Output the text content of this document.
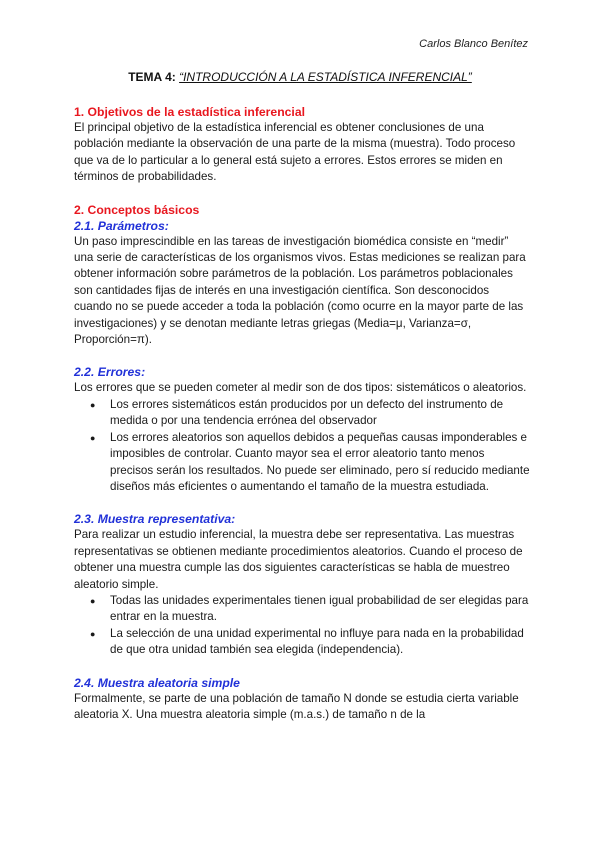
Carlos Blanco Benítez
TEMA 4: “INTRODUCCIÓN A LA ESTADÍSTICA INFERENCIAL”
1. Objetivos de la estadística inferencial

El principal objetivo de la estadística inferencial es obtener conclusiones de una población mediante la observación de una parte de la misma (muestra). Todo proceso que va de lo particular a lo general está sujeto a errores. Estos errores se miden en términos de probabilidades.

2. Conceptos básicos
2.1. Parámetros:

Un paso imprescindible en las tareas de investigación biomédica consiste en “medir” una serie de características de los organismos vivos. Estas mediciones se realizan para obtener información sobre parámetros de la población. Los parámetros poblacionales son cantidades fijas de interés en una investigación científica. Son desconocidos cuando no se puede acceder a toda la población (como ocurre en la mayor parte de las investigaciones) y se denotan mediante letras griegas (Media=μ, Varianza=σ, Proporción=π).

2.2. Errores:

Los errores que se pueden cometer al medir son de dos tipos: sistemáticos o aleatorios.

● Los errores sistemáticos están producidos por un defecto del instrumento de medida o por una tendencia errónea del observador
● Los errores aleatorios son aquellos debidos a pequeñas causas imponderables e imposibles de controlar. Cuanto mayor sea el error aleatorio tanto menos precisos serán los resultados. No puede ser eliminado, pero sí reducido mediante diseños más eficientes o aumentando el tamaño de la muestra estudiada.
2.3. Muestra representativa:

Para realizar un estudio inferencial, la muestra debe ser representativa. Las muestras representativas se obtienen mediante procedimientos aleatorios. Cuando el proceso de obtener una muestra cumple las dos siguientes características se habla de muestreo aleatorio simple.

● Todas las unidades experimentales tienen igual probabilidad de ser elegidas para entrar en la muestra.
● La selección de una unidad experimental no influye para nada en la probabilidad de que otra unidad también sea elegida (independencia).
2.4. Muestra aleatoria simple

Formalmente, se parte de una población de tamaño N donde se estudia cierta variable aleatoria X. Una muestra aleatoria simple (m.a.s.) de tamaño n de la
